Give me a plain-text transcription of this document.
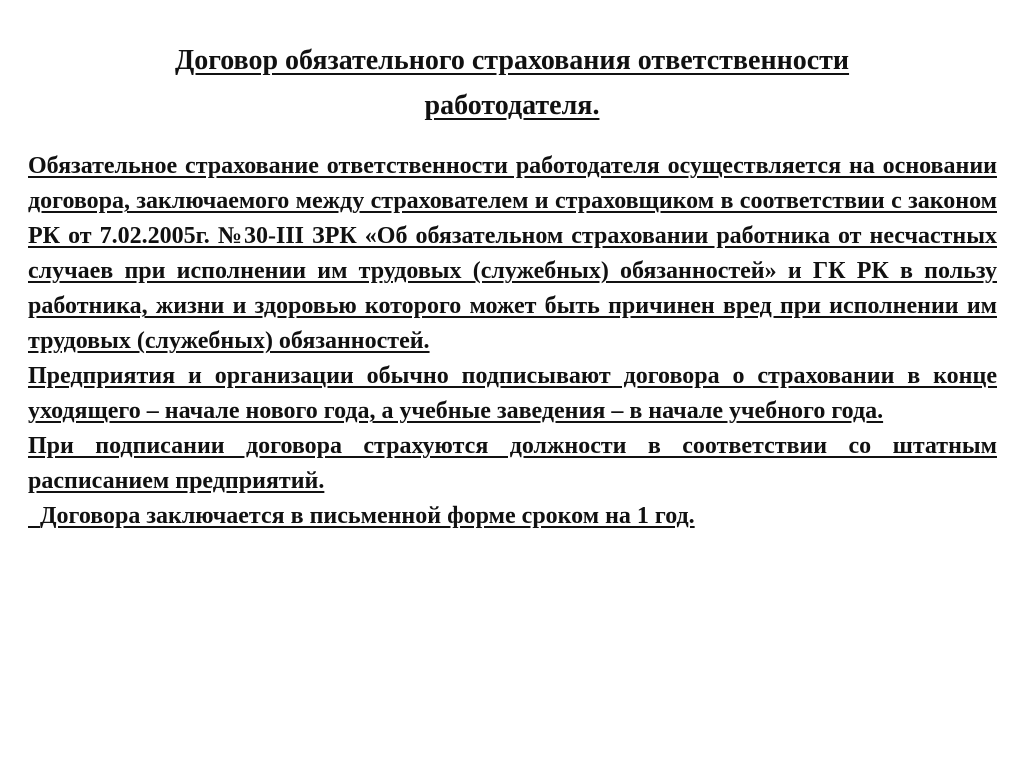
Договор обязательного страхования ответственности работодателя.

Обязательное страхование ответственности работодателя осуществляется на основании договора, заключаемого между страхователем и страховщиком в соответствии с законом РК от 7.02.2005г. №30-III ЗРК «Об обязательном страховании работника от несчастных случаев при исполнении им трудовых (служебных) обязанностей» и ГК РК в пользу работника, жизни и здоровью которого может быть причинен вред при исполнении им трудовых (служебных) обязанностей.

Предприятия и организации обычно подписывают договора о страховании в конце уходящего – начале нового года, а учебные заведения – в начале учебного года.

При подписании договора страхуются должности в соответствии со штатным расписанием предприятий.

Договора заключается в письменной форме сроком на 1 год.
